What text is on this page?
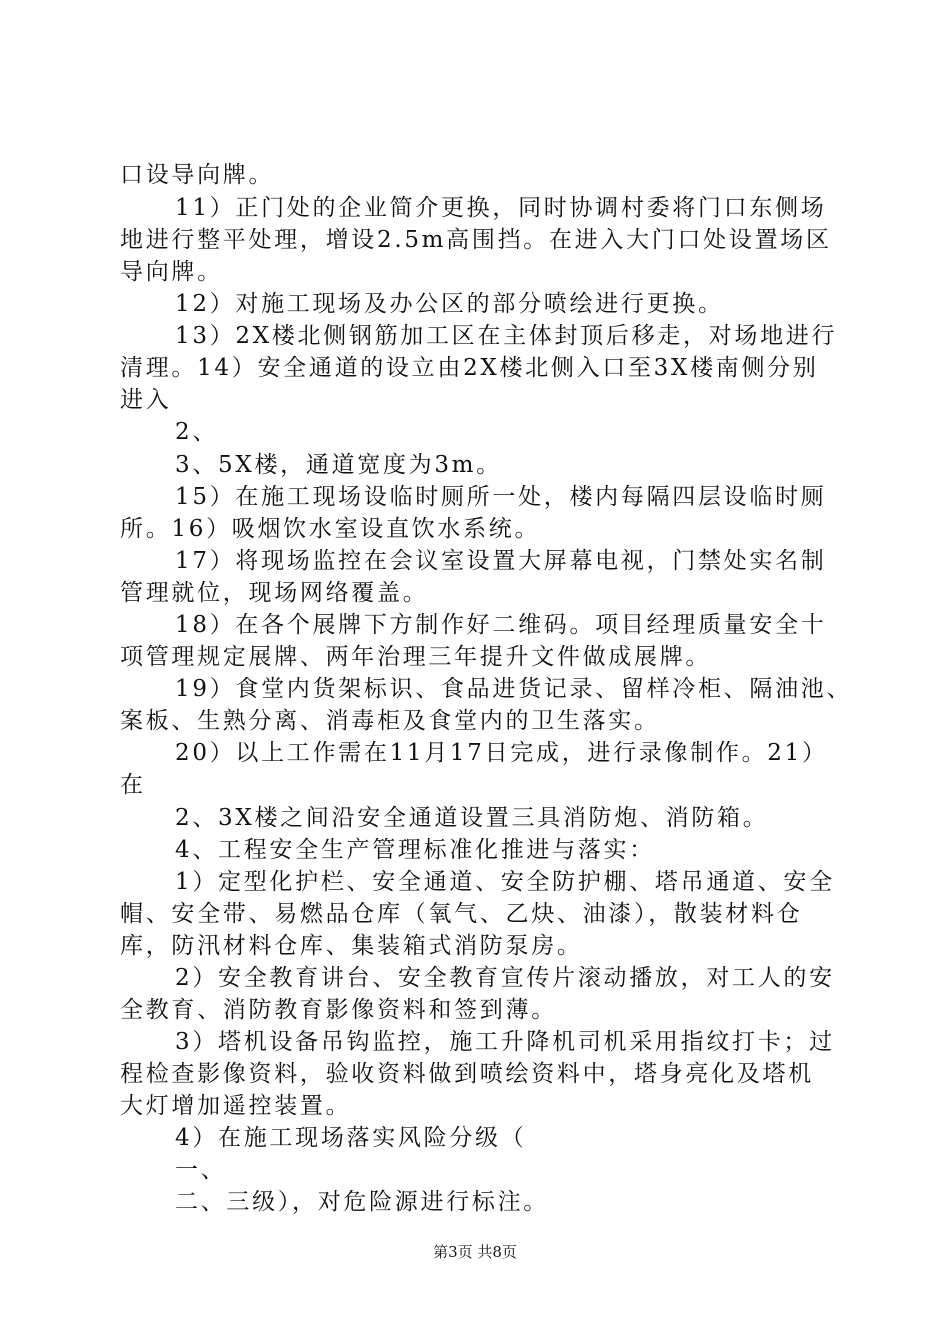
口设导向牌。
11）正门处的企业简介更换，同时协调村委将门口东侧场
地进行整平处理，增设2.5m高围挡。在进入大门口处设置场区
导向牌。
12）对施工现场及办公区的部分喷绘进行更换。
13）2X楼北侧钢筋加工区在主体封顶后移走，对场地进行
清理。14）安全通道的设立由2X楼北侧入口至3X楼南侧分别
进入
2、
3、5X楼，通道宽度为3m。
15）在施工现场设临时厕所一处，楼内每隔四层设临时厕
所。16）吸烟饮水室设直饮水系统。
17）将现场监控在会议室设置大屏幕电视，门禁处实名制
管理就位，现场网络覆盖。
18）在各个展牌下方制作好二维码。项目经理质量安全十
项管理规定展牌、两年治理三年提升文件做成展牌。
19）食堂内货架标识、食品进货记录、留样冷柜、隔油池、
案板、生熟分离、消毒柜及食堂内的卫生落实。
20）以上工作需在11月17日完成，进行录像制作。21）
在
2、3X楼之间沿安全通道设置三具消防炮、消防箱。
4、工程安全生产管理标准化推进与落实：
1）定型化护栏、安全通道、安全防护棚、塔吊通道、安全
帽、安全带、易燃品仓库（氧气、乙炔、油漆），散装材料仓
库，防汛材料仓库、集装箱式消防泵房。
2）安全教育讲台、安全教育宣传片滚动播放，对工人的安
全教育、消防教育影像资料和签到薄。
3）塔机设备吊钩监控，施工升降机司机采用指纹打卡；过
程检查影像资料，验收资料做到喷绘资料中，塔身亮化及塔机
大灯增加遥控装置。
4）在施工现场落实风险分级（
一、
二、三级），对危险源进行标注。
第3页 共8页
